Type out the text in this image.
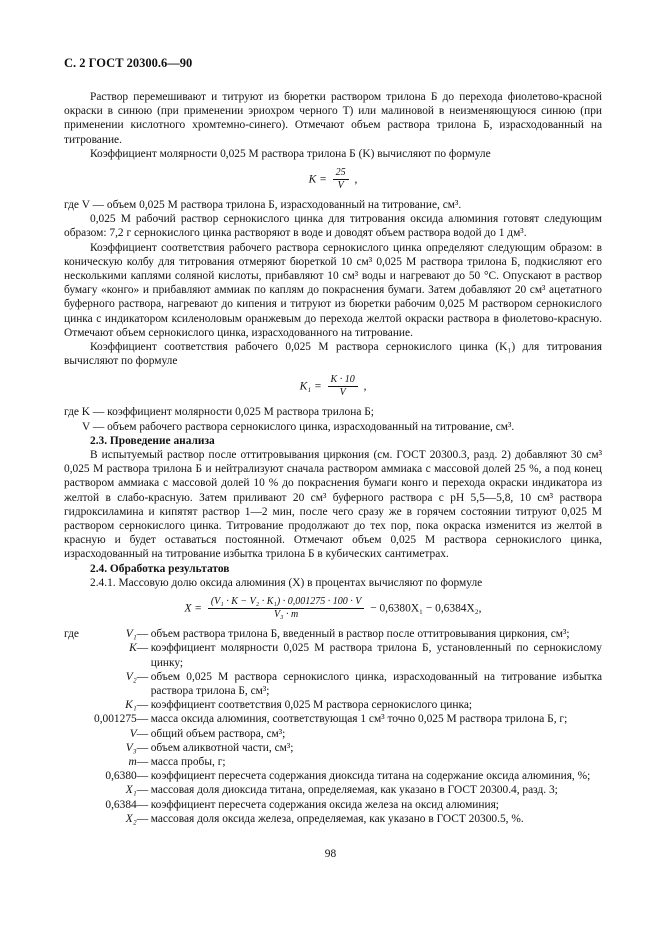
С. 2 ГОСТ 20300.6—90

Раствор перемешивают и титруют из бюретки раствором трилона Б до перехода фиолетово-красной окраски в синюю (при применении эриохром черного Т) или малиновой в неизменяющуюся синюю (при применении кислотного хромтемно-синего). Отмечают объем раствора трилона Б, израсходованный на титрование.

Коэффициент молярности 0,025 М раствора трилона Б (K) вычисляют по формуле

$K = \frac{25}{V}$ ,

где V — объем 0,025 М раствора трилона Б, израсходованный на титрование, см³.

0,025 М рабочий раствор сернокислого цинка для титрования оксида алюминия готовят следующим образом: 7,2 г сернокислого цинка растворяют в воде и доводят объем раствора водой до 1 дм³.

Коэффициент соответствия рабочего раствора сернокислого цинка определяют следующим образом: в коническую колбу для титрования отмеряют бюреткой 10 см³ 0,025 М раствора трилона Б, подкисляют его несколькими каплями соляной кислоты, прибавляют 10 см³ воды и нагревают до 50 °С. Опускают в раствор бумагу «конго» и прибавляют аммиак по каплям до покраснения бумаги. Затем добавляют 20 см³ ацетатного буферного раствора, нагревают до кипения и титруют из бюретки рабочим 0,025 М раствором сернокислого цинка с индикатором ксиленоловым оранжевым до перехода желтой окраски раствора в фиолетово-красную. Отмечают объем сернокислого цинка, израсходованного на титрование.

Коэффициент соответствия рабочего 0,025 М раствора сернокислого цинка (K₁) для титрования вычисляют по формуле

$K_1 = \frac{K \cdot 10}{V}$ ,

где K — коэффициент молярности 0,025 М раствора трилона Б;

V — объем рабочего раствора сернокислого цинка, израсходованный на титрование, см³.

2.3. Проведение анализа

В испытуемый раствор после оттитровывания циркония (см. ГОСТ 20300.3, разд. 2) добавляют 30 см³ 0,025 М раствора трилона Б и нейтрализуют сначала раствором аммиака с массовой долей 25 %, а под конец раствором аммиака с массовой долей 10 % до покраснения бумаги конго и перехода окраски индикатора из желтой в слабо-красную. Затем приливают 20 см³ буферного раствора с pH 5,5—5,8, 10 см³ раствора гидроксиламина и кипятят раствор 1—2 мин, после чего сразу же в горячем состоянии титруют 0,025 М раствором сернокислого цинка. Титрование продолжают до тех пор, пока окраска изменится из желтой в красную и будет оставаться постоянной. Отмечают объем 0,025 М раствора сернокислого цинка, израсходованный на титрование избытка трилона Б в кубических сантиметрах.

2.4. Обработка результатов

2.4.1. Массовую долю оксида алюминия (X) в процентах вычисляют по формуле

$X = \frac{\text{(V₁ · K − V₂ · K₁) · 0,001275 · 100 · V}}{\text{V₃ · m}} - 0,6380X_1 - 0,6384X_2$,
где	V₁	—	объем раствора трилона Б, введенный в раствор после оттитровывания циркония, см³;
	K	—	коэффициент молярности 0,025 М раствора трилона Б, установленный по сернокислому цинку;
	V₂	—	объем 0,025 М раствора сернокислого цинка, израсходованный на титрование избытка раствора трилона Б, см³;
	K₁	—	коэффициент соответствия 0,025 М раствора сернокислого цинка;
	0,001275	—	масса оксида алюминия, соответствующая 1 см³ точно 0,025 М раствора трилона Б, г;
	V	—	общий объем раствора, см³;
	V₃	—	объем аликвотной части, см³;
	m	—	масса пробы, г;
	0,6380	—	коэффициент пересчета содержания диоксида титана на содержание оксида алюминия, %;
	X₁	—	массовая доля диоксида титана, определяемая, как указано в ГОСТ 20300.4, разд. 3;
	0,6384	—	коэффициент пересчета содержания оксида железа на оксид алюминия;
	X₂	—	массовая доля оксида железа, определяемая, как указано в ГОСТ 20300.5, %.
98
